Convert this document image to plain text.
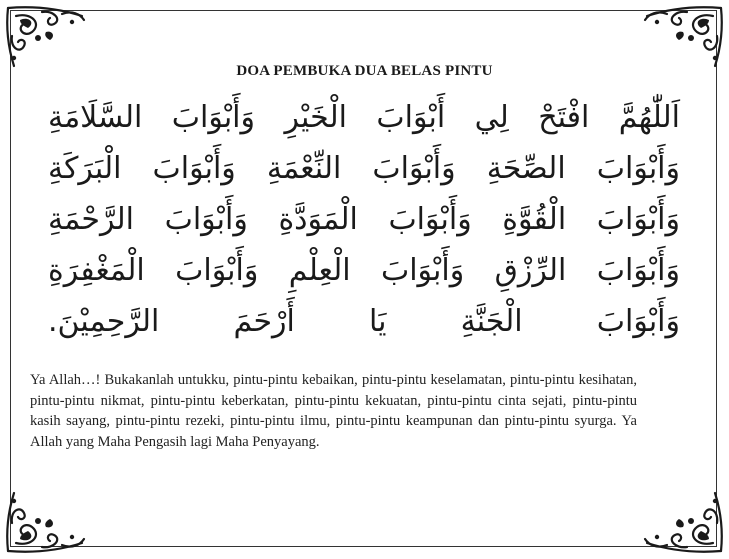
DOA PEMBUKA DUA BELAS PINTU
اَللّٰهُمَّ افْتَحْ لِي أَبْوَابَ الْخَيْرِ وَأَبْوَابَ السَّلَامَةِ
وَأَبْوَابَ الصِّحَةِ وَأَبْوَابَ النِّعْمَةِ وَأَبْوَابَ الْبَرَكَةِ
وَأَبْوَابَ الْقُوَّةِ وَأَبْوَابَ الْمَوَدَّةِ وَأَبْوَابَ الرَّحْمَةِ
وَأَبْوَابَ الرِّزْقِ وَأَبْوَابَ الْعِلْمِ وَأَبْوَابَ الْمَغْفِرَةِ
وَأَبْوَابَ الْجَنَّةِ يَا أَرْحَمَ الرَّحِمِيْنَ.
Ya Allah…! Bukakanlah untukku, pintu-pintu kebaikan, pintu-pintu keselamatan, pintu-pintu kesihatan, pintu-pintu nikmat, pintu-pintu keberkatan, pintu-pintu kekuatan, pintu-pintu cinta sejati, pintu-pintu kasih sayang, pintu-pintu rezeki, pintu-pintu ilmu, pintu-pintu keampunan dan pintu-pintu syurga. Ya Allah yang Maha Pengasih lagi Maha Penyayang.
